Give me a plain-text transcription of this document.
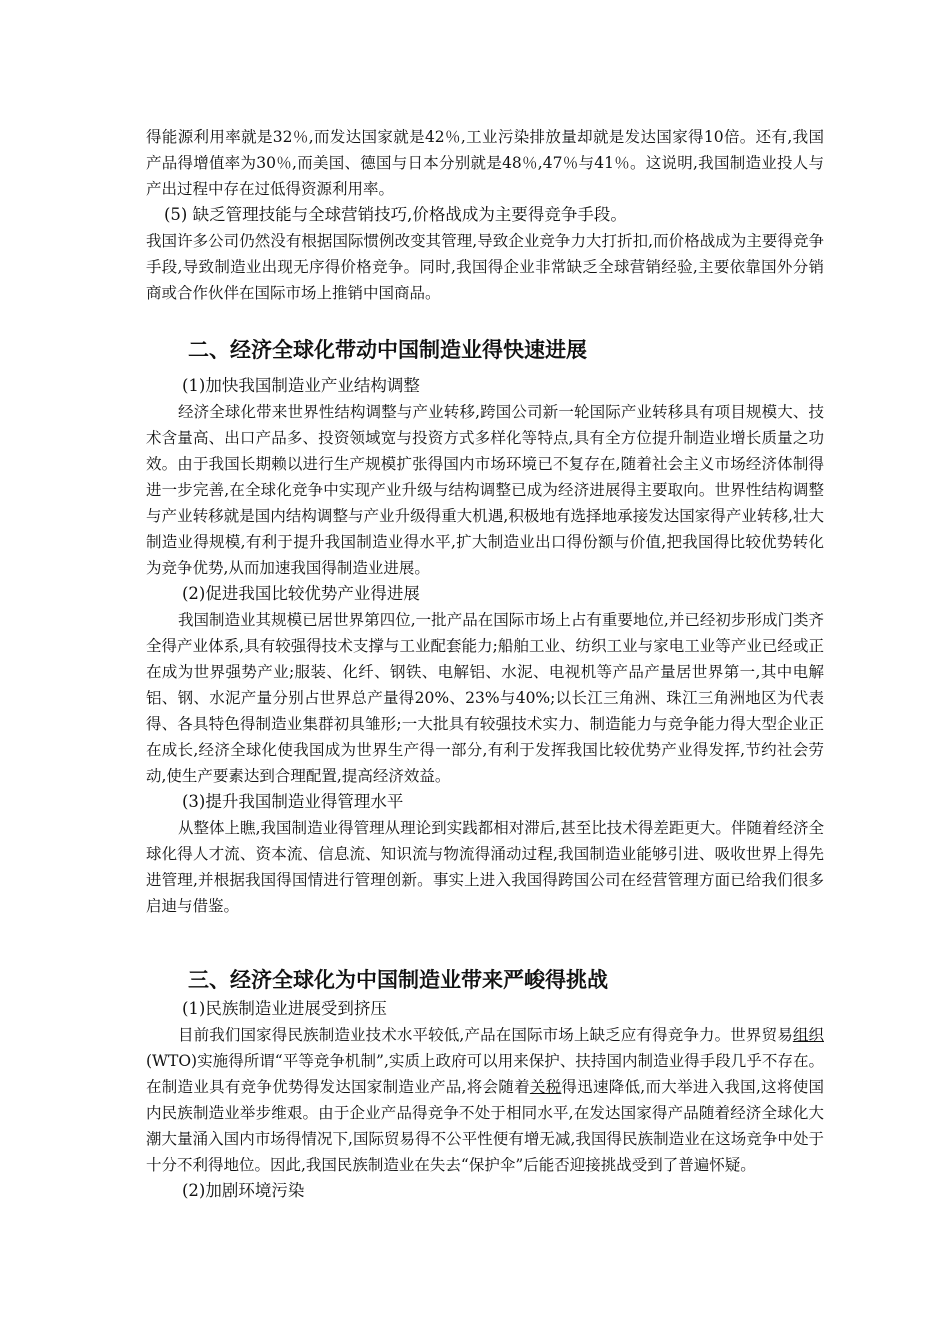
得能源利用率就是32％,而发达国家就是42％,工业污染排放量却就是发达国家得10倍。还有,我国产品得增值率为30％,而美国、德国与日本分别就是48％,47％与41％。这说明,我国制造业投人与产出过程中存在过低得资源利用率。

(5) 缺乏管理技能与全球营销技巧,价格战成为主要得竞争手段。

我国许多公司仍然没有根据国际惯例改变其管理,导致企业竞争力大打折扣,而价格战成为主要得竞争手段,导致制造业出现无序得价格竞争。同时,我国得企业非常缺乏全球营销经验,主要依靠国外分销商或合作伙伴在国际市场上推销中国商品。

二、经济全球化带动中国制造业得快速进展

(1)加快我国制造业产业结构调整

经济全球化带来世界性结构调整与产业转移,跨国公司新一轮国际产业转移具有项目规模大、技术含量高、出口产品多、投资领域宽与投资方式多样化等特点,具有全方位提升制造业增长质量之功效。由于我国长期赖以进行生产规模扩张得国内市场环境已不复存在,随着社会主义市场经济体制得进一步完善,在全球化竞争中实现产业升级与结构调整已成为经济进展得主要取向。世界性结构调整与产业转移就是国内结构调整与产业升级得重大机遇,积极地有选择地承接发达国家得产业转移,壮大制造业得规模,有利于提升我国制造业得水平,扩大制造业出口得份额与价值,把我国得比较优势转化为竞争优势,从而加速我国得制造业进展。

(2)促进我国比较优势产业得进展

我国制造业其规模已居世界第四位,一批产品在国际市场上占有重要地位,并已经初步形成门类齐全得产业体系,具有较强得技术支撑与工业配套能力;船舶工业、纺织工业与家电工业等产业已经或正在成为世界强势产业;服装、化纤、钢铁、电解铝、水泥、电视机等产品产量居世界第一,其中电解铝、钢、水泥产量分别占世界总产量得20%、23%与40%;以长江三角洲、珠江三角洲地区为代表得、各具特色得制造业集群初具雏形;一大批具有较强技术实力、制造能力与竞争能力得大型企业正在成长,经济全球化使我国成为世界生产得一部分,有利于发挥我国比较优势产业得发挥,节约社会劳动,使生产要素达到合理配置,提高经济效益。

(3)提升我国制造业得管理水平

从整体上瞧,我国制造业得管理从理论到实践都相对滞后,甚至比技术得差距更大。伴随着经济全球化得人才流、资本流、信息流、知识流与物流得涌动过程,我国制造业能够引进、吸收世界上得先进管理,并根据我国得国情进行管理创新。事实上进入我国得跨国公司在经营管理方面已给我们很多启迪与借鉴。

三、经济全球化为中国制造业带来严峻得挑战

(1)民族制造业进展受到挤压

目前我们国家得民族制造业技术水平较低,产品在国际市场上缺乏应有得竞争力。世界贸易组织(WTO)实施得所谓“平等竞争机制”,实质上政府可以用来保护、扶持国内制造业得手段几乎不存在。在制造业具有竞争优势得发达国家制造业产品,将会随着关税得迅速降低,而大举进入我国,这将使国内民族制造业举步维艰。由于企业产品得竞争不处于相同水平,在发达国家得产品随着经济全球化大潮大量涌入国内市场得情况下,国际贸易得不公平性便有增无减,我国得民族制造业在这场竞争中处于十分不利得地位。因此,我国民族制造业在失去“保护伞”后能否迎接挑战受到了普遍怀疑。

(2)加剧环境污染
